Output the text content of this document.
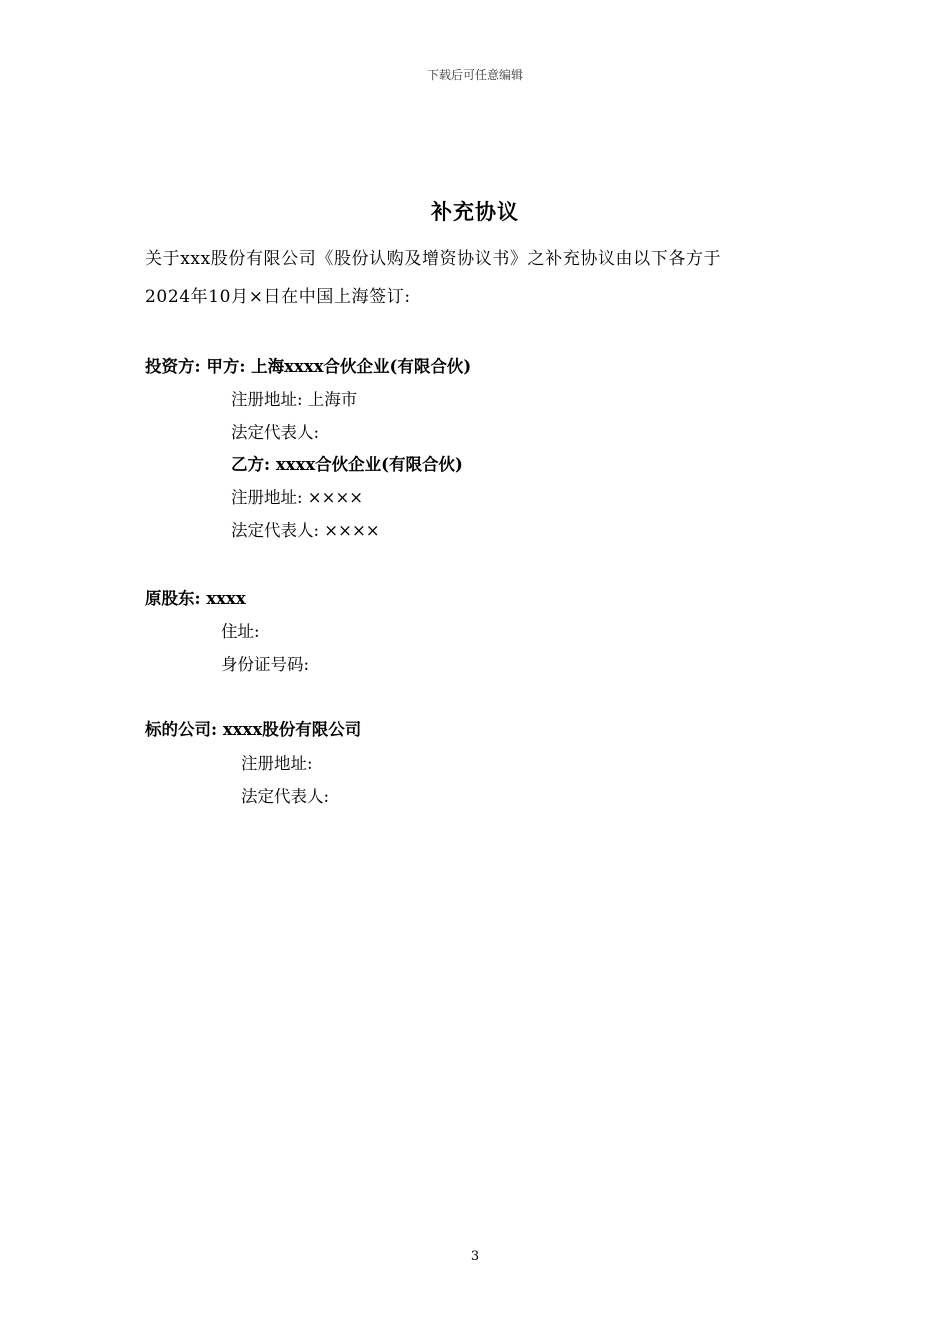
下载后可任意编辑
补充协议
关于xxx股份有限公司《股份认购及增资协议书》之补充协议由以下各方于
2024年10月×日在中国上海签订:
投资方: 甲方: 上海xxxx合伙企业(有限合伙)
注册地址: 上海市
法定代表人:
乙方: xxxx合伙企业(有限合伙)
注册地址: ××××
法定代表人: ××××
原股东: xxxx
住址:
身份证号码:
标的公司: xxxx股份有限公司
注册地址:
法定代表人:
3
